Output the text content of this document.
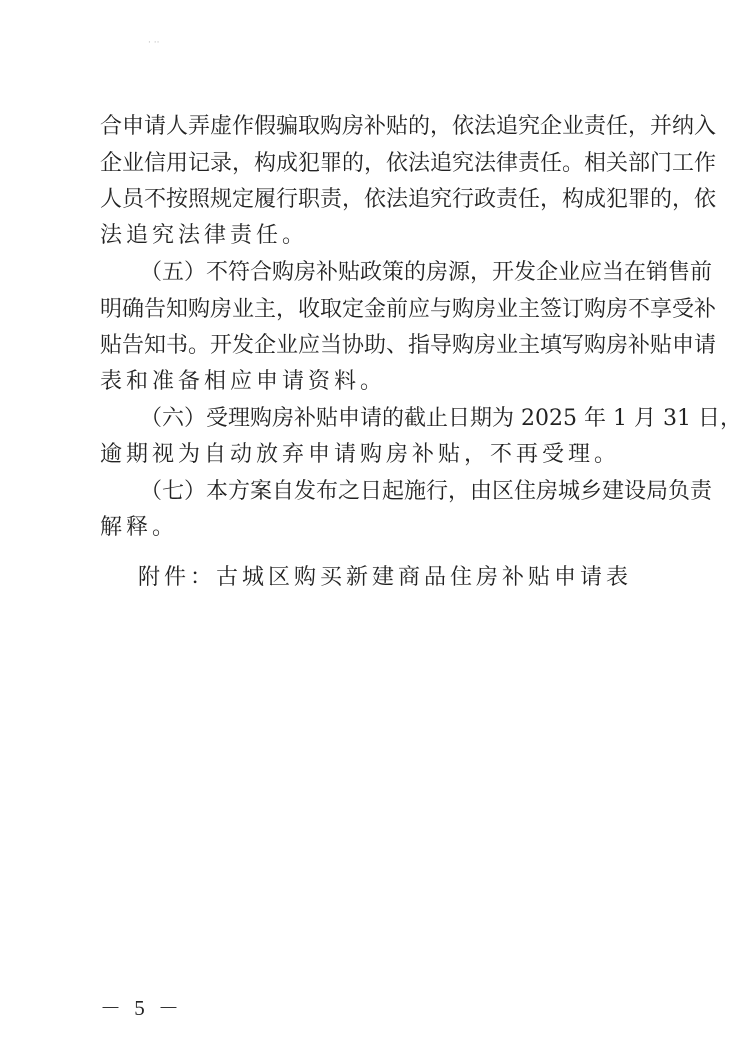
· ··
合申请人弄虚作假骗取购房补贴的，依法追究企业责任，并纳入
企业信用记录，构成犯罪的，依法追究法律责任。相关部门工作
人员不按照规定履行职责，依法追究行政责任，构成犯罪的，依
法追究法律责任。
（五）不符合购房补贴政策的房源，开发企业应当在销售前
明确告知购房业主，收取定金前应与购房业主签订购房不享受补
贴告知书。开发企业应当协助、指导购房业主填写购房补贴申请
表和准备相应申请资料。
（六）受理购房补贴申请的截止日期为 2025 年 1 月 31 日，
逾期视为自动放弃申请购房补贴，不再受理。
（七）本方案自发布之日起施行，由区住房城乡建设局负责
解释。
附件：古城区购买新建商品住房补贴申请表
－ 5 －
